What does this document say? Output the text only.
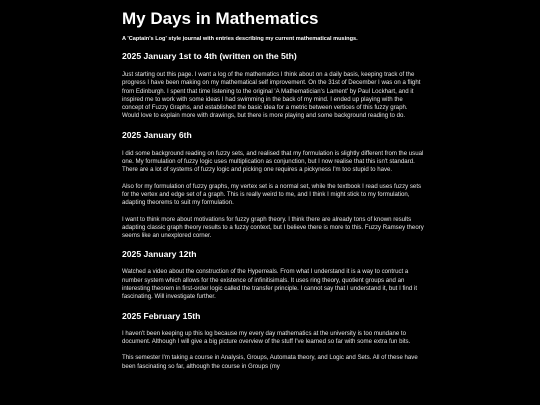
My Days in Mathematics

A 'Captain's Log' style journal with entries describing my current mathematical musings.

2025 January 1st to 4th (written on the 5th)

Just starting out this page. I want a log of the mathematics I think about on a daily basis, keeping track of the progress I have been making on my mathematical self improvement. On the 31st of December I was on a flight from Edinburgh. I spent that time listening to the original 'A Mathematician's Lament' by Paul Lockhart, and it inspired me to work with some ideas I had swimming in the back of my mind. I ended up playing with the concept of Fuzzy Graphs, and established the basic idea for a metric between vertices of this fuzzy graph. Would love to explain more with drawings, but there is more playing and some background reading to do.

2025 January 6th

I did some background reading on fuzzy sets, and realised that my formulation is slightly different from the usual one. My formulation of fuzzy logic uses multiplication as conjunction, but I now realise that this isn't standard. There are a lot of systems of fuzzy logic and picking one requires a pickyness I'm too stupid to have.

Also for my formulation of fuzzy graphs, my vertex set is a normal set, while the textbook I read uses fuzzy sets for the vertex and edge set of a graph. This is really weird to me, and I think I might stick to my formulation, adapting theorems to suit my formulation.

I want to think more about motivations for fuzzy graph theory. I think there are already tons of known results adapting classic graph theory results to a fuzzy context, but I believe there is more to this. Fuzzy Ramsey theory seems like an unexplored corner.

2025 January 12th

Watched a video about the construction of the Hyperreals. From what I understand it is a way to contruct a number system which allows for the existence of infinitisimals. It uses ring theory, quotient groups and an interesting theorem in first-order logic called the transfer principle. I cannot say that I understand it, but I find it fascinating. Will investigate further.

2025 February 15th

I haven't been keeping up this log because my every day mathematics at the university is too mundane to document. Although I will give a big picture overview of the stuff I've learned so far with some extra fun bits.

This semester I'm taking a course in Analysis, Groups, Automata theory, and Logic and Sets. All of these have been fascinating so far, although the course in Groups (my
